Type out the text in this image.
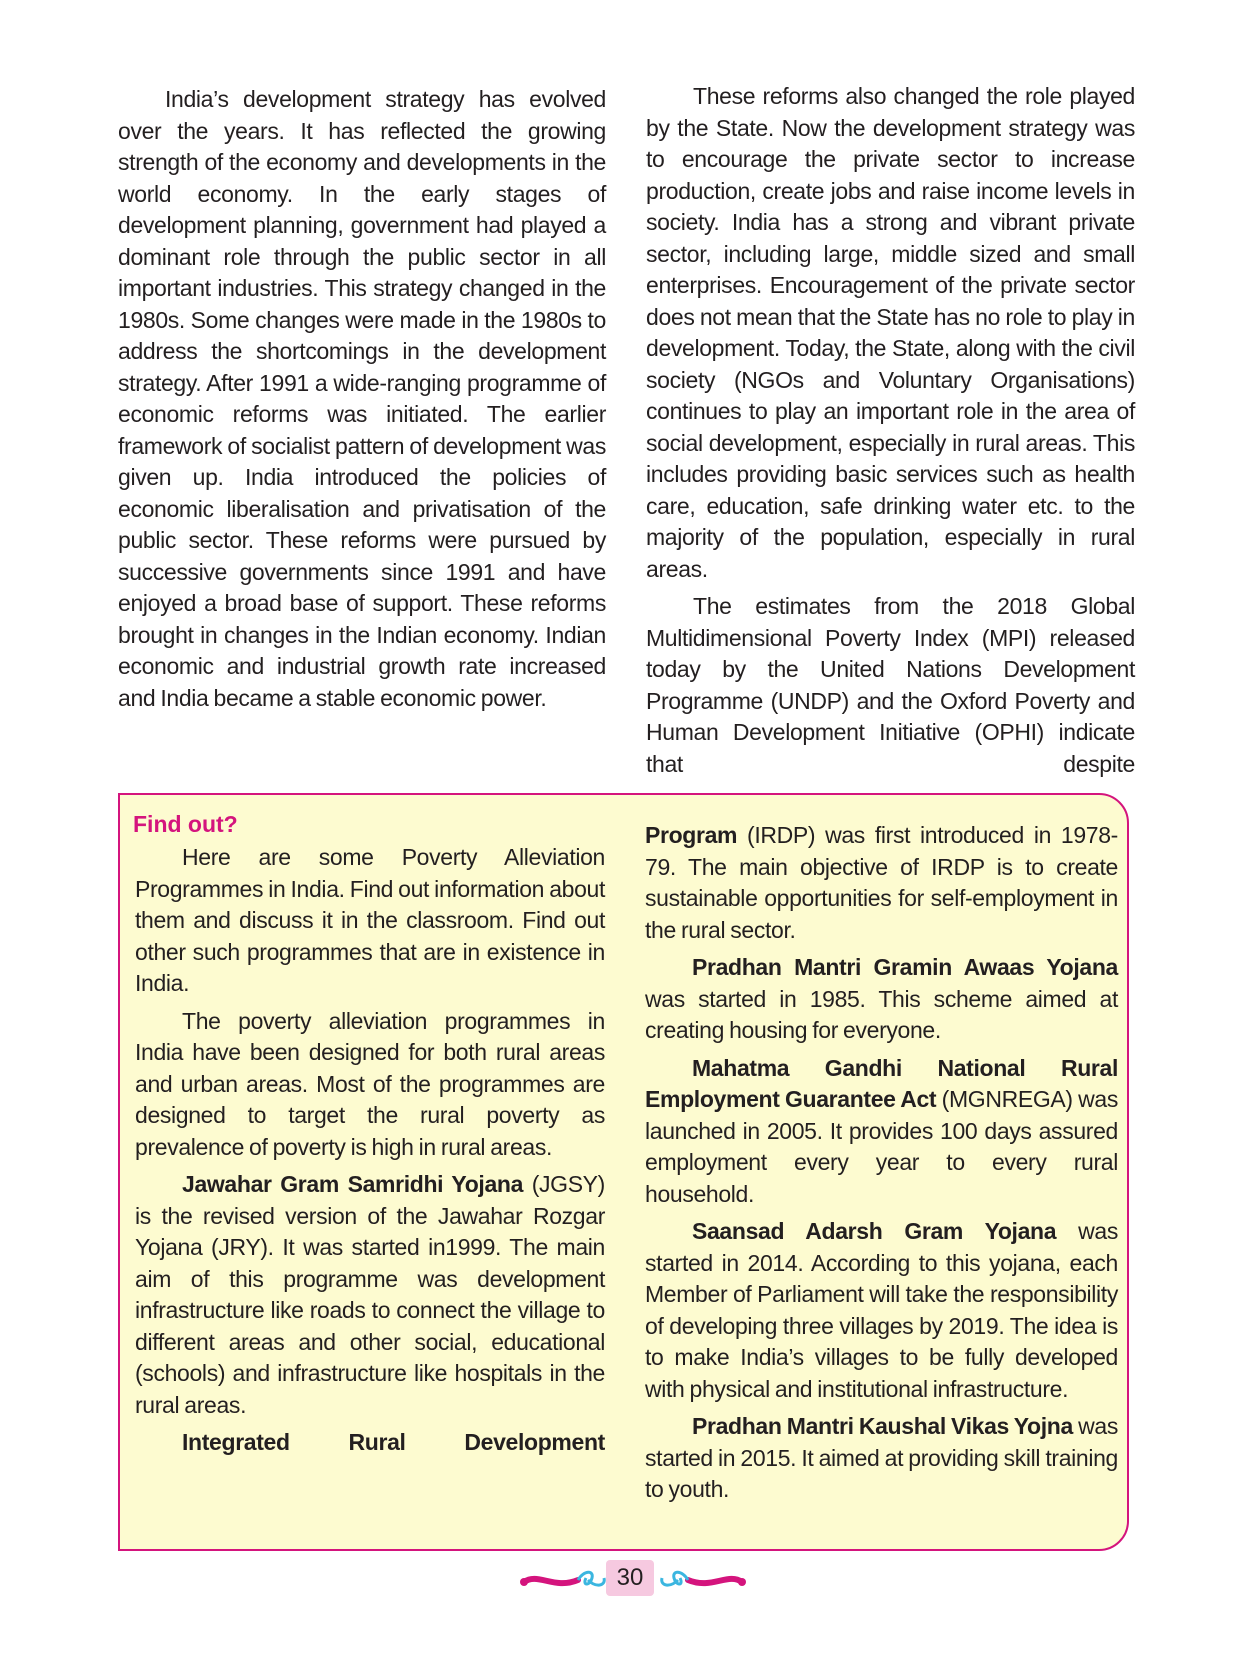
India’s development strategy has evolved over the years. It has reflected the growing strength of the economy and developments in the world economy. In the early stages of development planning, government had played a dominant role through the public sector in all important industries. This strategy changed in the 1980s. Some changes were made in the 1980s to address the shortcomings in the development strategy. After 1991 a wide-ranging programme of economic reforms was initiated. The earlier framework of socialist pattern of development was given up. India introduced the policies of economic liberalisation and privatisation of the public sector. These reforms were pursued by successive governments since 1991 and have enjoyed a broad base of support. These reforms brought in changes in the Indian economy. Indian economic and industrial growth rate increased and India became a stable economic power.

These reforms also changed the role played by the State. Now the development strategy was to encourage the private sector to increase production, create jobs and raise income levels in society. India has a strong and vibrant private sector, including large, middle sized and small enterprises. Encouragement of the private sector does not mean that the State has no role to play in development. Today, the State, along with the civil society (NGOs and Voluntary Organisations) continues to play an important role in the area of social development, especially in rural areas. This includes providing basic services such as health care, education, safe drinking water etc. to the majority of the population, especially in rural areas.

The estimates from the 2018 Global Multidimensional Poverty Index (MPI) released today by the United Nations Development Programme (UNDP) and the Oxford Poverty and Human Development Initiative (OPHI) indicate that despite

Find out?

Here are some Poverty Alleviation Programmes in India. Find out information about them and discuss it in the classroom. Find out other such programmes that are in existence in India.

The poverty alleviation programmes in India have been designed for both rural areas and urban areas. Most of the programmes are designed to target the rural poverty as prevalence of poverty is high in rural areas.

Jawahar Gram Samridhi Yojana (JGSY) is the revised version of the Jawahar Rozgar Yojana (JRY). It was started in1999. The main aim of this programme was development infrastructure like roads to connect the village to different areas and other social, educational (schools) and infrastructure like hospitals in the rural areas.

Integrated Rural Development

Program (IRDP) was first introduced in 1978-79. The main objective of IRDP is to create sustainable opportunities for self-employment in the rural sector.

Pradhan Mantri Gramin Awaas Yojana was started in 1985. This scheme aimed at creating housing for everyone.

Mahatma Gandhi National Rural Employment Guarantee Act (MGNREGA) was launched in 2005. It provides 100 days assured employment every year to every rural household.

Saansad Adarsh Gram Yojana was started in 2014. According to this yojana, each Member of Parliament will take the responsibility of developing three villages by 2019. The idea is to make India’s villages to be fully developed with physical and institutional infrastructure.

Pradhan Mantri Kaushal Vikas Yojna was started in 2015. It aimed at providing skill training to youth.

30
